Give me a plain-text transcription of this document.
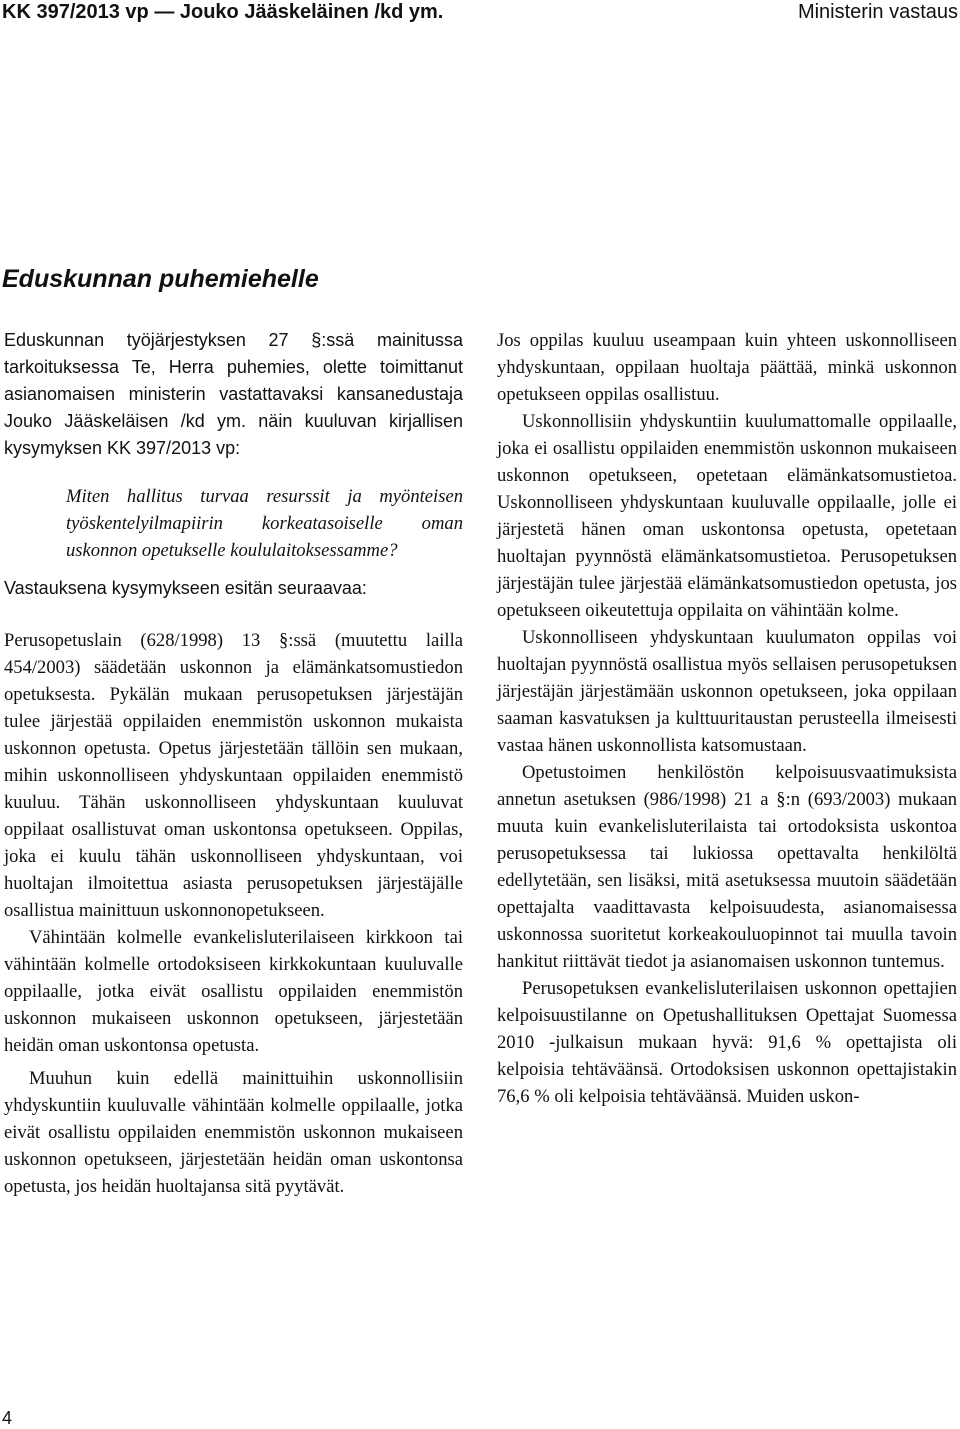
KK 397/2013 vp — Jouko Jääskeläinen /kd ym.	Ministerin vastaus
Eduskunnan puhemiehelle

Eduskunnan työjärjestyksen 27 §:ssä mainitussa tarkoituksessa Te, Herra puhemies, olette toimittanut asianomaisen ministerin vastattavaksi kansanedustaja Jouko Jääskeläisen /kd ym. näin kuuluvan kirjallisen kysymyksen KK 397/2013 vp:

Miten hallitus turvaa resurssit ja myönteisen työskentelyilmapiirin korkeatasoiselle oman uskonnon opetukselle koululaitoksessamme?

Vastauksena kysymykseen esitän seuraavaa:

Perusopetuslain (628/1998) 13 §:ssä (muutettu lailla 454/2003) säädetään uskonnon ja elämänkatsomustiedon opetuksesta. Pykälän mukaan perusopetuksen järjestäjän tulee järjestää oppilaiden enemmistön uskonnon mukaista uskonnon opetusta. Opetus järjestetään tällöin sen mukaan, mihin uskonnolliseen yhdyskuntaan oppilaiden enemmistö kuuluu. Tähän uskonnolliseen yhdyskuntaan kuuluvat oppilaat osallistuvat oman uskontonsa opetukseen. Oppilas, joka ei kuulu tähän uskonnolliseen yhdyskuntaan, voi huoltajan ilmoitettua asiasta perusopetuksen järjestäjälle osallistua mainittuun uskonnonopetukseen.

Vähintään kolmelle evankelisluterilaiseen kirkkoon tai vähintään kolmelle ortodoksiseen kirkkokuntaan kuuluvalle oppilaalle, jotka eivät osallistu oppilaiden enemmistön uskonnon mukaiseen uskonnon opetukseen, järjestetään heidän oman uskontonsa opetusta.

Muuhun kuin edellä mainittuihin uskonnollisiin yhdyskuntiin kuuluvalle vähintään kolmelle oppilaalle, jotka eivät osallistu oppilaiden enemmistön uskonnon mukaiseen uskonnon opetukseen, järjestetään heidän oman uskontonsa opetusta, jos heidän huoltajansa sitä pyytävät.

Jos oppilas kuuluu useampaan kuin yhteen uskonnolliseen yhdyskuntaan, oppilaan huoltaja päättää, minkä uskonnon opetukseen oppilas osallistuu.

Uskonnollisiin yhdyskuntiin kuulumattomalle oppilaalle, joka ei osallistu oppilaiden enemmistön uskonnon mukaiseen uskonnon opetukseen, opetetaan elämänkatsomustietoa. Uskonnolliseen yhdyskuntaan kuuluvalle oppilaalle, jolle ei järjestetä hänen oman uskontonsa opetusta, opetetaan huoltajan pyynnöstä elämänkatsomustietoa. Perusopetuksen järjestäjän tulee järjestää elämänkatsomustiedon opetusta, jos opetukseen oikeutettuja oppilaita on vähintään kolme.

Uskonnolliseen yhdyskuntaan kuulumaton oppilas voi huoltajan pyynnöstä osallistua myös sellaisen perusopetuksen järjestäjän järjestämään uskonnon opetukseen, joka oppilaan saaman kasvatuksen ja kulttuuritaustan perusteella ilmeisesti vastaa hänen uskonnollista katsomustaan.

Opetustoimen henkilöstön kelpoisuusvaatimuksista annetun asetuksen (986/1998) 21 a §:n (693/2003) mukaan muuta kuin evankelisluterilaista tai ortodoksista uskontoa perusopetuksessa tai lukiossa opettavalta henkilöltä edellytetään, sen lisäksi, mitä asetuksessa muutoin säädetään opettajalta vaadittavasta kelpoisuudesta, asianomaisessa uskonnossa suoritetut korkeakouluopinnot tai muulla tavoin hankitut riittävät tiedot ja asianomaisen uskonnon tuntemus.

Perusopetuksen evankelisluterilaisen uskonnon opettajien kelpoisuustilanne on Opetushallituksen Opettajat Suomessa 2010 -julkaisun mukaan hyvä: 91,6 % opettajista oli kelpoisia tehtäväänsä. Ortodoksisen uskonnon opettajistakin 76,6 % oli kelpoisia tehtäväänsä. Muiden uskon-

4
